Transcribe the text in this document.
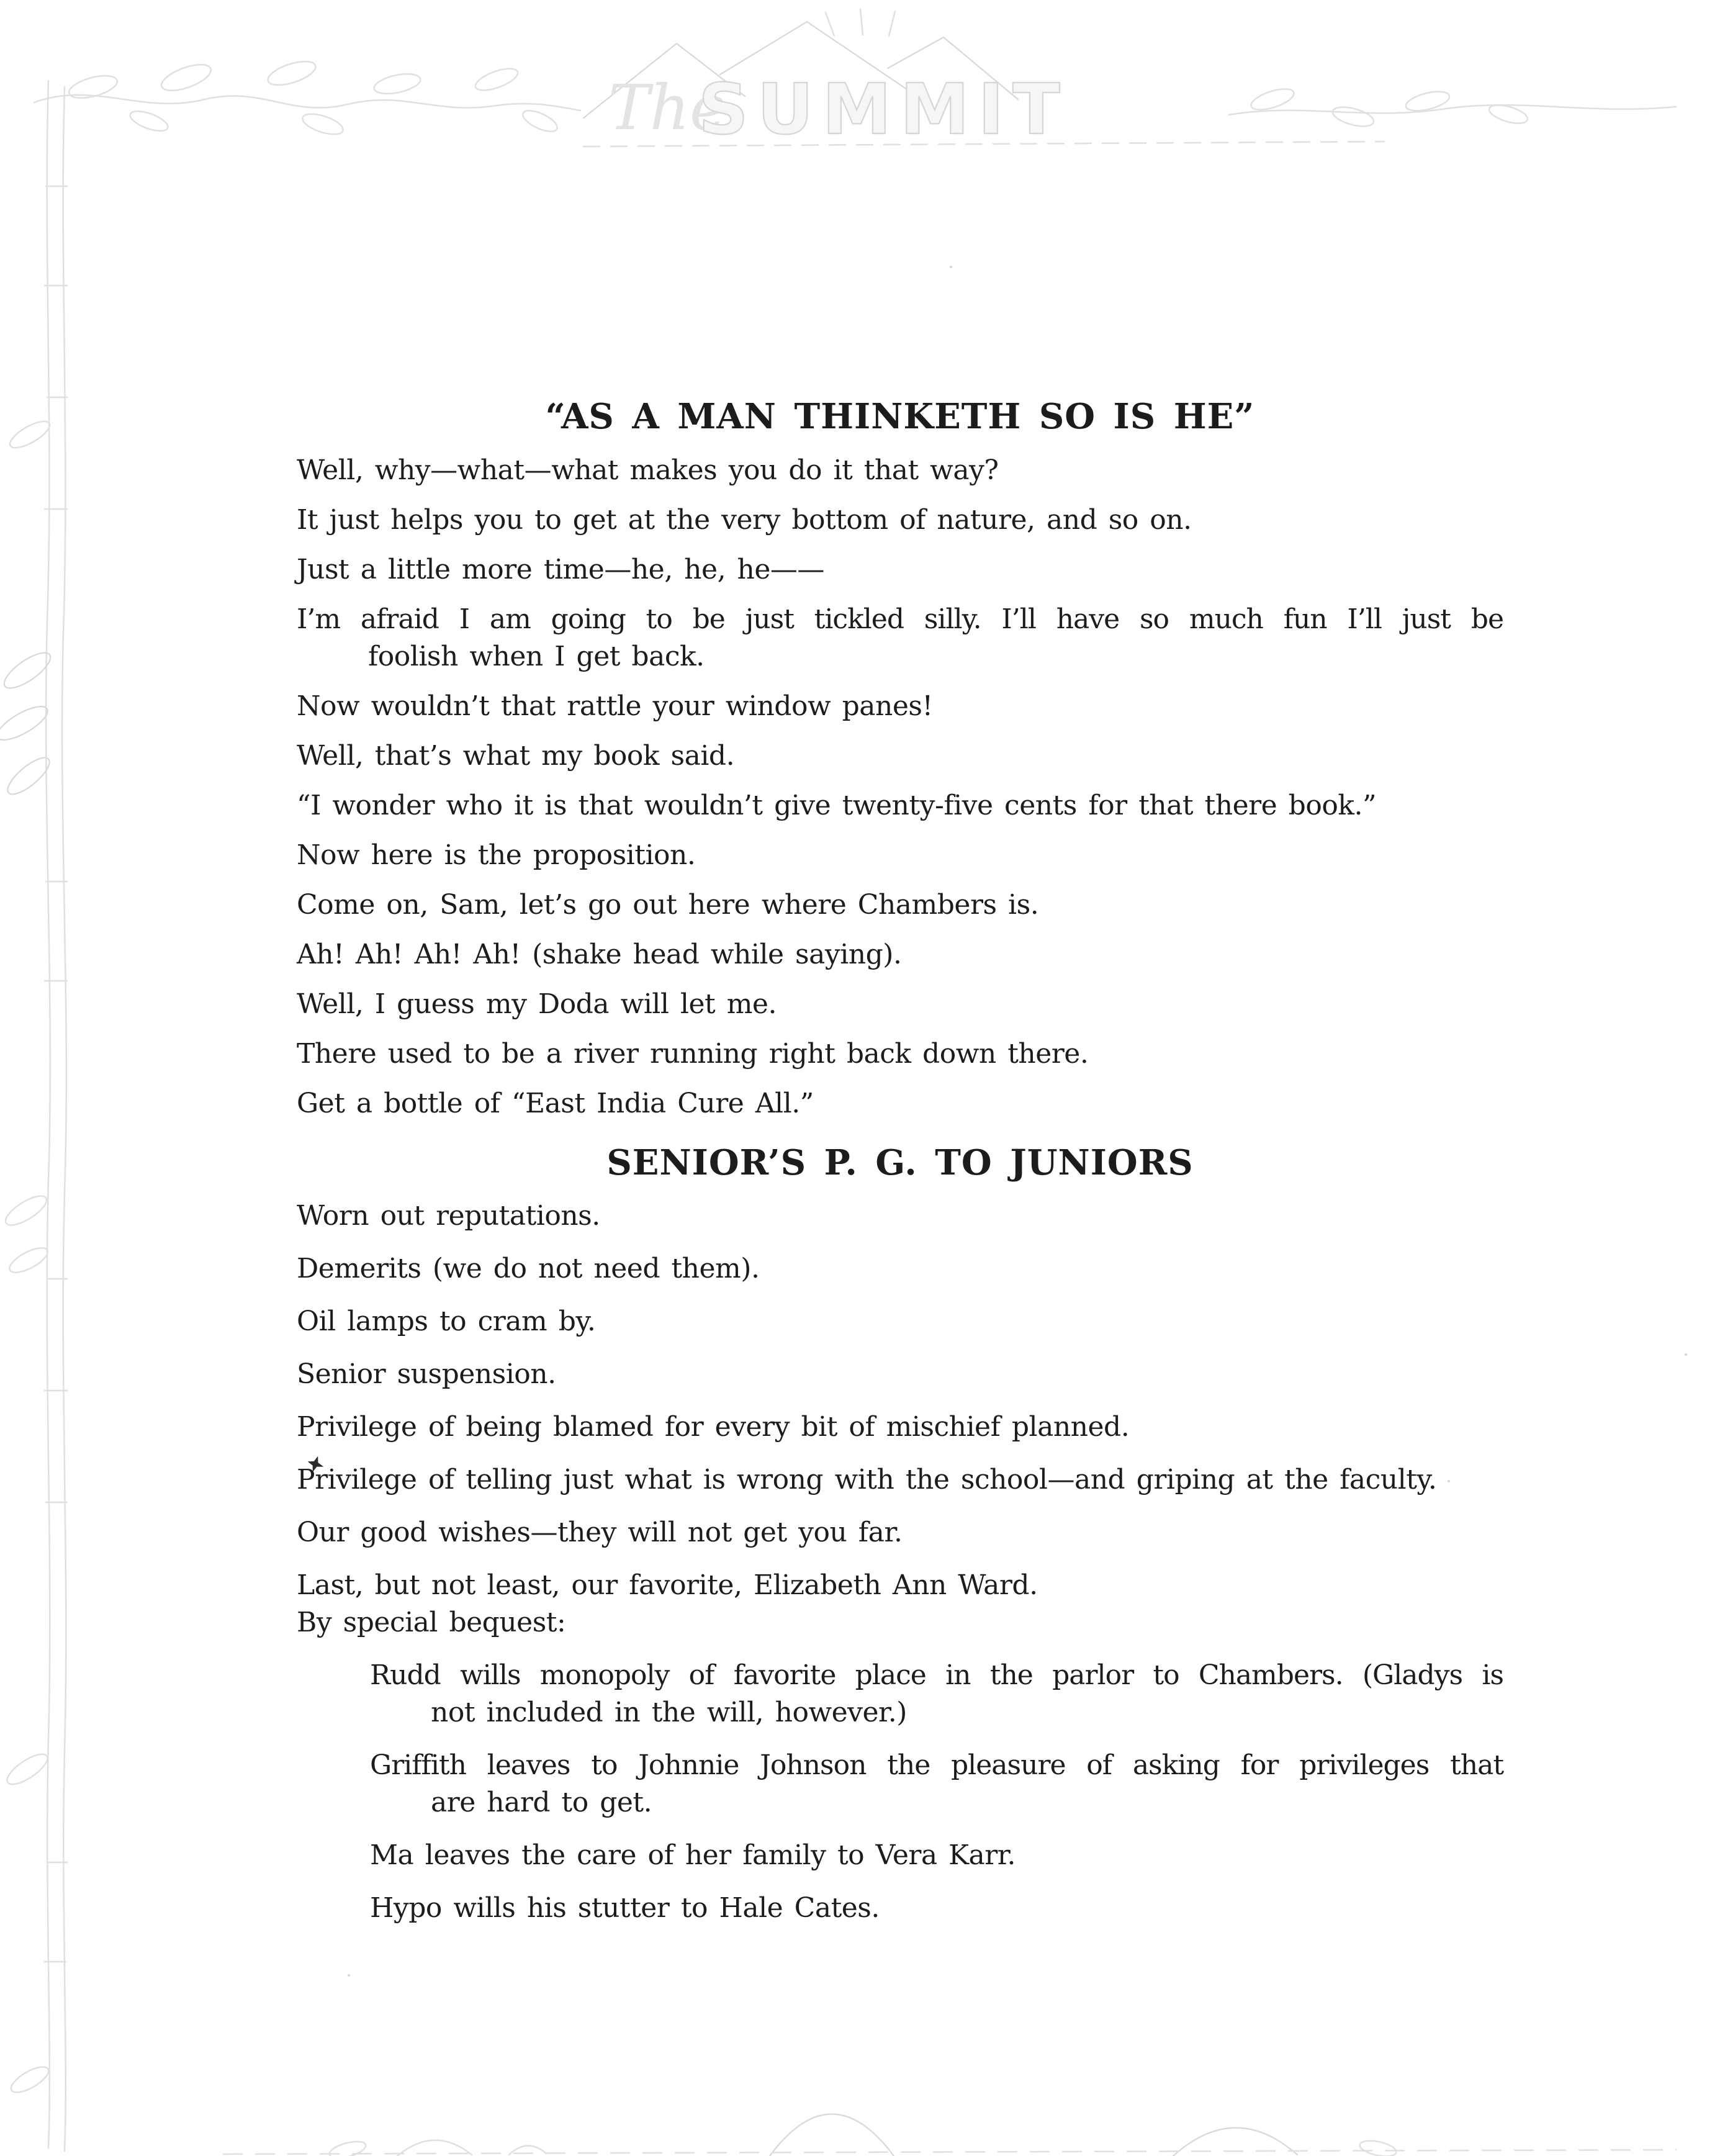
The
SUMMIT
“AS A MAN THINKETH SO IS HE”

Well, why—what—what makes you do it that way?

It just helps you to get at the very bottom of nature, and so on.

Just a little more time—he, he, he——

I’m afraid I am going to be just tickled silly. I’ll have so much fun I’ll just be
foolish when I get back.

Now wouldn’t that rattle your window panes!

Well, that’s what my book said.

“I wonder who it is that wouldn’t give twenty-five cents for that there book.”

Now here is the proposition.

Come on, Sam, let’s go out here where Chambers is.

Ah! Ah! Ah! Ah! (shake head while saying).

Well, I guess my Doda will let me.

There used to be a river running right back down there.

Get a bottle of “East India Cure All.”

SENIOR’S P. G. TO JUNIORS

Worn out reputations.

Demerits (we do not need them).

Oil lamps to cram by.

Senior suspension.

Privilege of being blamed for every bit of mischief planned.

Privilege of telling just what is wrong with the school—and griping at the faculty.

Our good wishes—they will not get you far.

Last, but not least, our favorite, Elizabeth Ann Ward.

By special bequest:

Rudd wills monopoly of favorite place in the parlor to Chambers. (Gladys is
not included in the will, however.)

Griffith leaves to Johnnie Johnson the pleasure of asking for privileges that
are hard to get.

Ma leaves the care of her family to Vera Karr.

Hypo wills his stutter to Hale Cates.
